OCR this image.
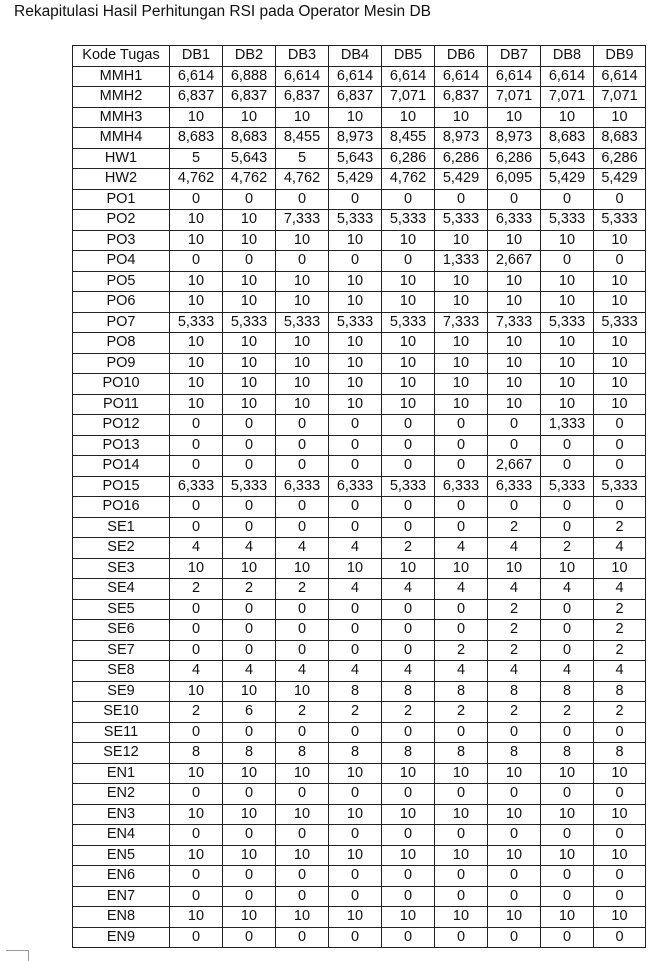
Rekapitulasi Hasil Perhitungan RSI pada Operator Mesin DB
Kode Tugas	DB1	DB2	DB3	DB4	DB5	DB6	DB7	DB8	DB9
MMH1	6,614	6,888	6,614	6,614	6,614	6,614	6,614	6,614	6,614
MMH2	6,837	6,837	6,837	6,837	7,071	6,837	7,071	7,071	7,071
MMH3	10	10	10	10	10	10	10	10	10
MMH4	8,683	8,683	8,455	8,973	8,455	8,973	8,973	8,683	8,683
HW1	5	5,643	5	5,643	6,286	6,286	6,286	5,643	6,286
HW2	4,762	4,762	4,762	5,429	4,762	5,429	6,095	5,429	5,429
PO1	0	0	0	0	0	0	0	0	0
PO2	10	10	7,333	5,333	5,333	5,333	6,333	5,333	5,333
PO3	10	10	10	10	10	10	10	10	10
PO4	0	0	0	0	0	1,333	2,667	0	0
PO5	10	10	10	10	10	10	10	10	10
PO6	10	10	10	10	10	10	10	10	10
PO7	5,333	5,333	5,333	5,333	5,333	7,333	7,333	5,333	5,333
PO8	10	10	10	10	10	10	10	10	10
PO9	10	10	10	10	10	10	10	10	10
PO10	10	10	10	10	10	10	10	10	10
PO11	10	10	10	10	10	10	10	10	10
PO12	0	0	0	0	0	0	0	1,333	0
PO13	0	0	0	0	0	0	0	0	0
PO14	0	0	0	0	0	0	2,667	0	0
PO15	6,333	5,333	6,333	6,333	5,333	6,333	6,333	5,333	5,333
PO16	0	0	0	0	0	0	0	0	0
SE1	0	0	0	0	0	0	2	0	2
SE2	4	4	4	4	2	4	4	2	4
SE3	10	10	10	10	10	10	10	10	10
SE4	2	2	2	4	4	4	4	4	4
SE5	0	0	0	0	0	0	2	0	2
SE6	0	0	0	0	0	0	2	0	2
SE7	0	0	0	0	0	2	2	0	2
SE8	4	4	4	4	4	4	4	4	4
SE9	10	10	10	8	8	8	8	8	8
SE10	2	6	2	2	2	2	2	2	2
SE11	0	0	0	0	0	0	0	0	0
SE12	8	8	8	8	8	8	8	8	8
EN1	10	10	10	10	10	10	10	10	10
EN2	0	0	0	0	0	0	0	0	0
EN3	10	10	10	10	10	10	10	10	10
EN4	0	0	0	0	0	0	0	0	0
EN5	10	10	10	10	10	10	10	10	10
EN6	0	0	0	0	0	0	0	0	0
EN7	0	0	0	0	0	0	0	0	0
EN8	10	10	10	10	10	10	10	10	10
EN9	0	0	0	0	0	0	0	0	0
